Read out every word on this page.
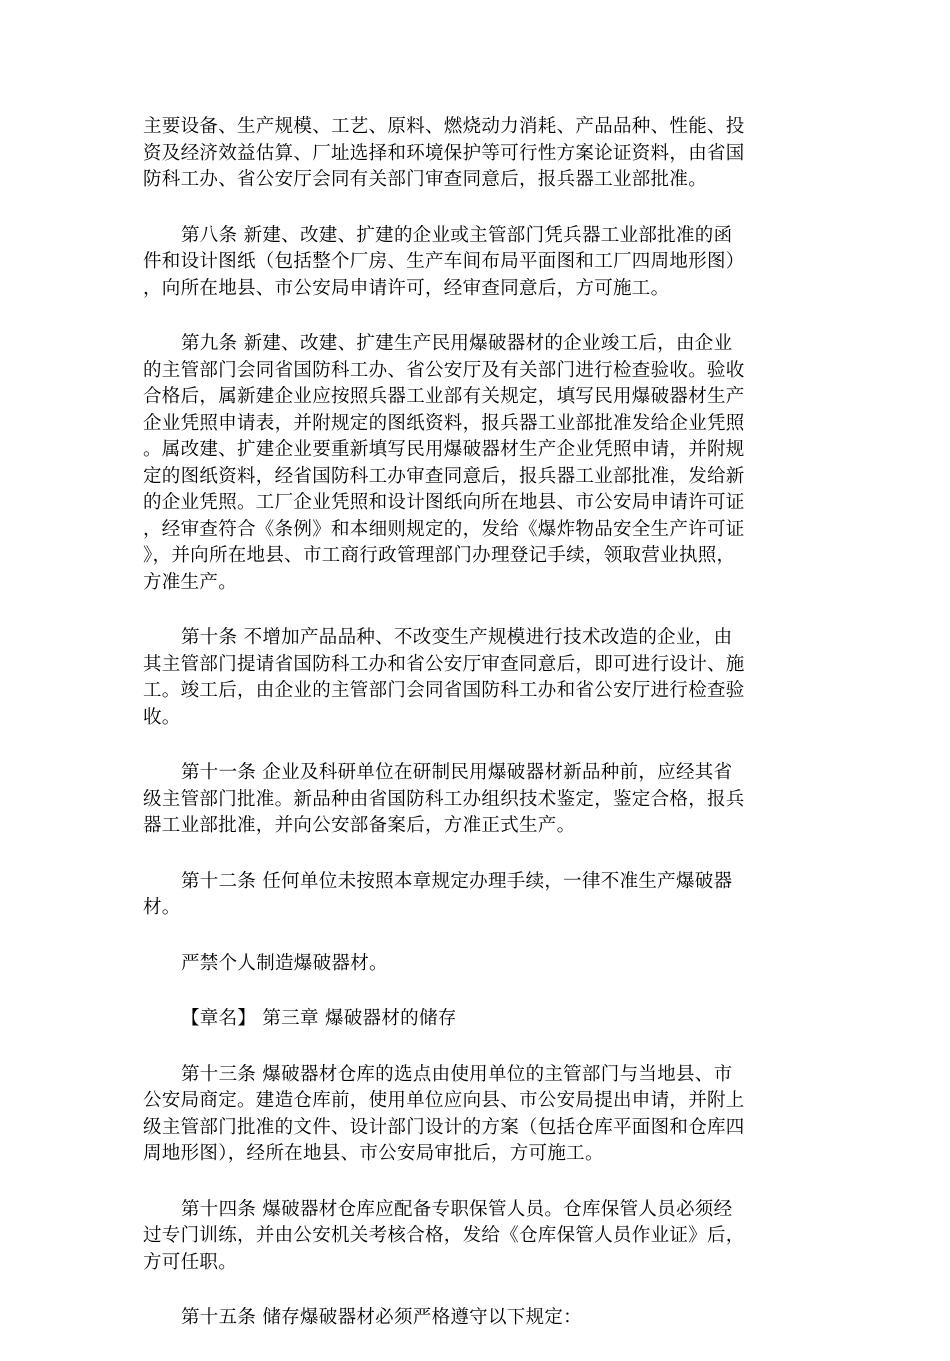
主要设备、生产规模、工艺、原料、燃烧动力消耗、产品品种、性能、投
资及经济效益估算、厂址选择和环境保护等可行性方案论证资料，由省国
防科工办、省公安厅会同有关部门审查同意后，报兵器工业部批准。
第八条 新建、改建、扩建的企业或主管部门凭兵器工业部批准的函
件和设计图纸（包括整个厂房、生产车间布局平面图和工厂四周地形图）
，向所在地县、市公安局申请许可，经审查同意后，方可施工。
第九条 新建、改建、扩建生产民用爆破器材的企业竣工后，由企业
的主管部门会同省国防科工办、省公安厅及有关部门进行检查验收。验收
合格后，属新建企业应按照兵器工业部有关规定，填写民用爆破器材生产
企业凭照申请表，并附规定的图纸资料，报兵器工业部批准发给企业凭照
。属改建、扩建企业要重新填写民用爆破器材生产企业凭照申请，并附规
定的图纸资料，经省国防科工办审查同意后，报兵器工业部批准，发给新
的企业凭照。工厂企业凭照和设计图纸向所在地县、市公安局申请许可证
，经审查符合《条例》和本细则规定的，发给《爆炸物品安全生产许可证
》，并向所在地县、市工商行政管理部门办理登记手续，领取营业执照，
方准生产。
第十条 不增加产品品种、不改变生产规模进行技术改造的企业，由
其主管部门提请省国防科工办和省公安厅审查同意后，即可进行设计、施
工。竣工后，由企业的主管部门会同省国防科工办和省公安厅进行检查验
收。
第十一条 企业及科研单位在研制民用爆破器材新品种前，应经其省
级主管部门批准。新品种由省国防科工办组织技术鉴定，鉴定合格，报兵
器工业部批准，并向公安部备案后，方准正式生产。
第十二条 任何单位未按照本章规定办理手续，一律不准生产爆破器
材。
严禁个人制造爆破器材。
【章名】 第三章 爆破器材的储存
第十三条 爆破器材仓库的选点由使用单位的主管部门与当地县、市
公安局商定。建造仓库前，使用单位应向县、市公安局提出申请，并附上
级主管部门批准的文件、设计部门设计的方案（包括仓库平面图和仓库四
周地形图），经所在地县、市公安局审批后，方可施工。
第十四条 爆破器材仓库应配备专职保管人员。仓库保管人员必须经
过专门训练，并由公安机关考核合格，发给《仓库保管人员作业证》后，
方可任职。
第十五条 储存爆破器材必须严格遵守以下规定：
